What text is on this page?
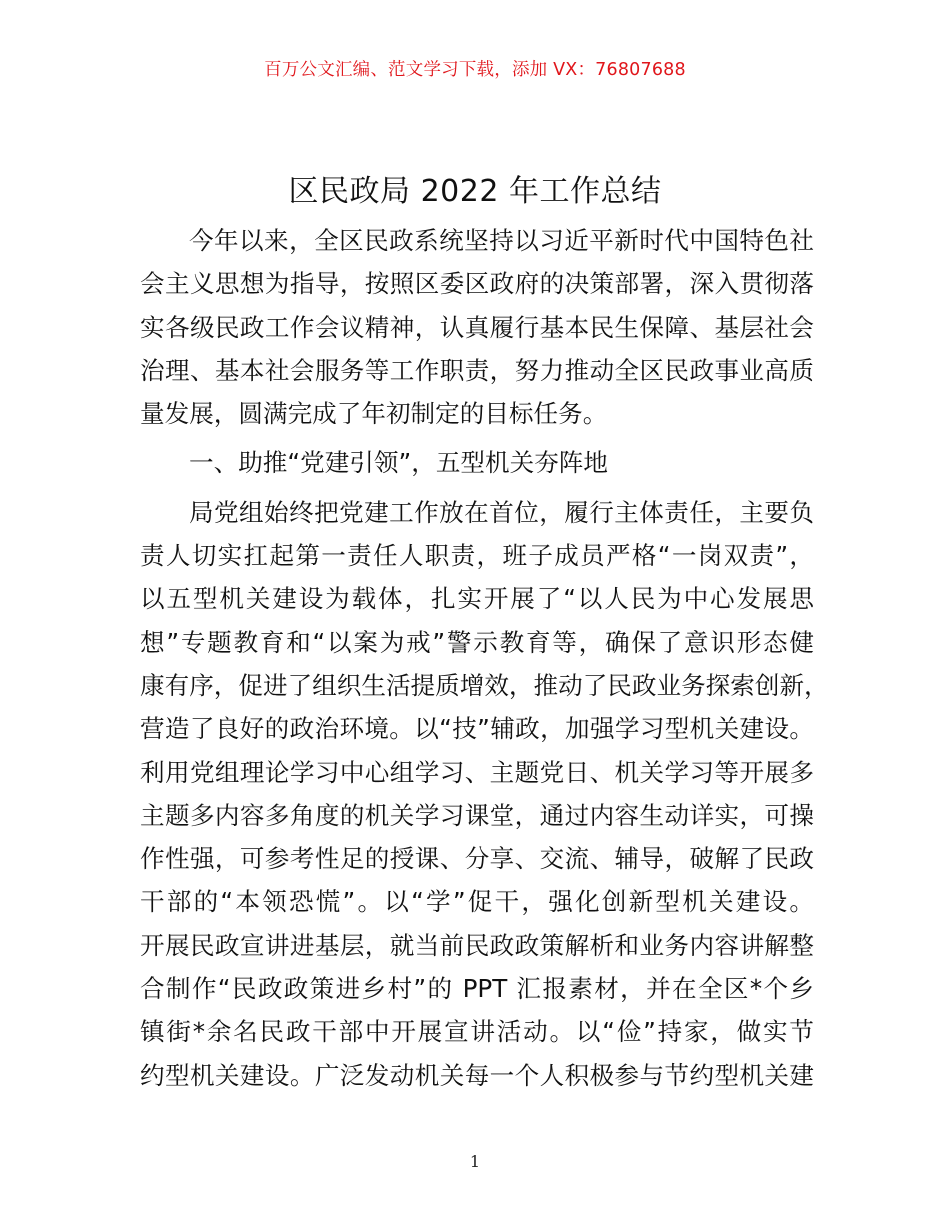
百万公文汇编、范文学习下载，添加 VX：76807688
区民政局 2022 年工作总结
今年以来，全区民政系统坚持以习近平新时代中国特色社
会主义思想为指导，按照区委区政府的决策部署，深入贯彻落
实各级民政工作会议精神，认真履行基本民生保障、基层社会
治理、基本社会服务等工作职责，努力推动全区民政事业高质
量发展，圆满完成了年初制定的目标任务。
一、助推“党建引领”，五型机关夯阵地
局党组始终把党建工作放在首位，履行主体责任，主要负
责人切实扛起第一责任人职责，班子成员严格“一岗双责”，
以五型机关建设为载体，扎实开展了“以人民为中心发展思
想”专题教育和“以案为戒”警示教育等，确保了意识形态健
康有序，促进了组织生活提质增效，推动了民政业务探索创新，
营造了良好的政治环境。以“技”辅政，加强学习型机关建设。
利用党组理论学习中心组学习、主题党日、机关学习等开展多
主题多内容多角度的机关学习课堂，通过内容生动详实，可操
作性强，可参考性足的授课、分享、交流、辅导，破解了民政
干部的“本领恐慌”。以“学”促干，强化创新型机关建设。
开展民政宣讲进基层，就当前民政政策解析和业务内容讲解整
合制作“民政政策进乡村”的 PPT 汇报素材，并在全区*个乡
镇街*余名民政干部中开展宣讲活动。以“俭”持家，做实节
约型机关建设。广泛发动机关每一个人积极参与节约型机关建
1
